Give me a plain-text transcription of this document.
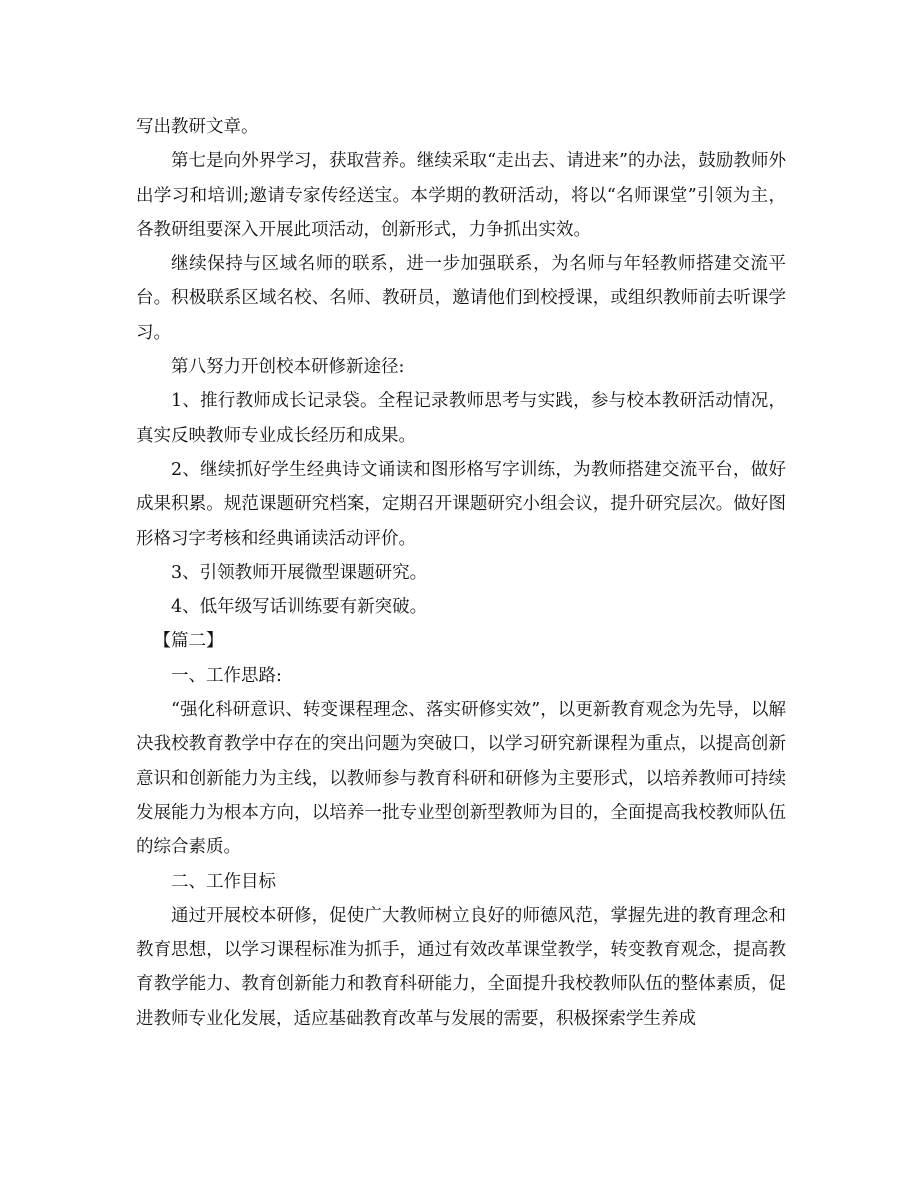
写出教研文章。

第七是向外界学习，获取营养。继续采取“走出去、请进来”的办法，鼓励教师外出学习和培训;邀请专家传经送宝。本学期的教研活动，将以“名师课堂”引领为主，各教研组要深入开展此项活动，创新形式，力争抓出实效。

继续保持与区域名师的联系，进一步加强联系，为名师与年轻教师搭建交流平台。积极联系区域名校、名师、教研员，邀请他们到校授课，或组织教师前去听课学习。

第八努力开创校本研修新途径:

1、推行教师成长记录袋。全程记录教师思考与实践，参与校本教研活动情况，真实反映教师专业成长经历和成果。

2、继续抓好学生经典诗文诵读和图形格写字训练，为教师搭建交流平台，做好成果积累。规范课题研究档案，定期召开课题研究小组会议，提升研究层次。做好图形格习字考核和经典诵读活动评价。

3、引领教师开展微型课题研究。

4、低年级写话训练要有新突破。

【篇二】

一、工作思路:

“强化科研意识、转变课程理念、落实研修实效”，以更新教育观念为先导，以解决我校教育教学中存在的突出问题为突破口，以学习研究新课程为重点，以提高创新意识和创新能力为主线，以教师参与教育科研和研修为主要形式，以培养教师可持续发展能力为根本方向，以培养一批专业型创新型教师为目的，全面提高我校教师队伍的综合素质。

二、工作目标

通过开展校本研修，促使广大教师树立良好的师德风范，掌握先进的教育理念和教育思想，以学习课程标准为抓手，通过有效改革课堂教学，转变教育观念，提高教育教学能力、教育创新能力和教育科研能力，全面提升我校教师队伍的整体素质，促进教师专业化发展，适应基础教育改革与发展的需要，积极探索学生养成
